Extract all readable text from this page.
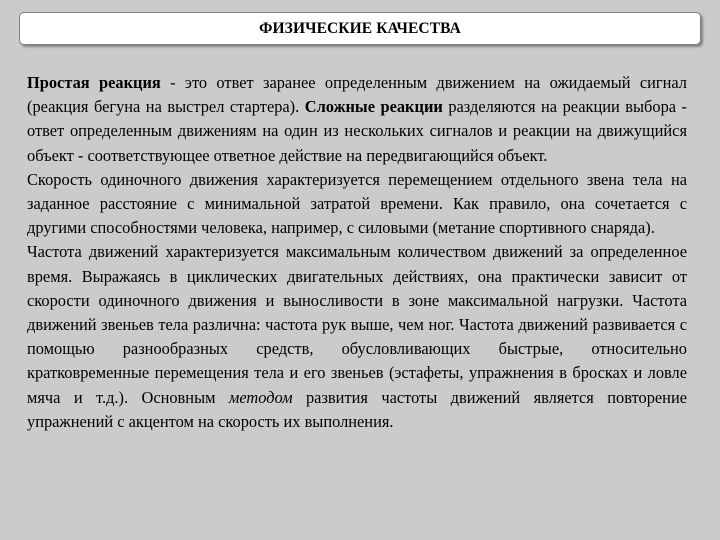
ФИЗИЧЕСКИЕ КАЧЕСТВА

Простая реакция - это ответ заранее определенным движением на ожидаемый сигнал (реакция бегуна на выстрел стартера). Сложные реакции разделяются на реакции выбора - ответ определенным движениям на один из нескольких сигналов и реакции на движущийся объект - соответствующее ответное действие на передвигающийся объект.

Скорость одиночного движения характеризуется перемещением отдельного звена тела на заданное расстояние с минимальной затратой времени. Как правило, она сочетается с другими способностями человека, например, с силовыми (метание спортивного снаряда).

Частота движений характеризуется максимальным количеством движений за определенное время. Выражаясь в циклических двигательных действиях, она практически зависит от скорости одиночного движения и выносливости в зоне максимальной нагрузки. Частота движений звеньев тела различна: частота рук выше, чем ног. Частота движений развивается с помощью разнообразных средств, обусловливающих быстрые, относительно кратковременные перемещения тела и его звеньев (эстафеты, упражнения в бросках и ловле мяча и т.д.). Основным методом развития частоты движений является повторение упражнений с акцентом на скорость их выполнения.
